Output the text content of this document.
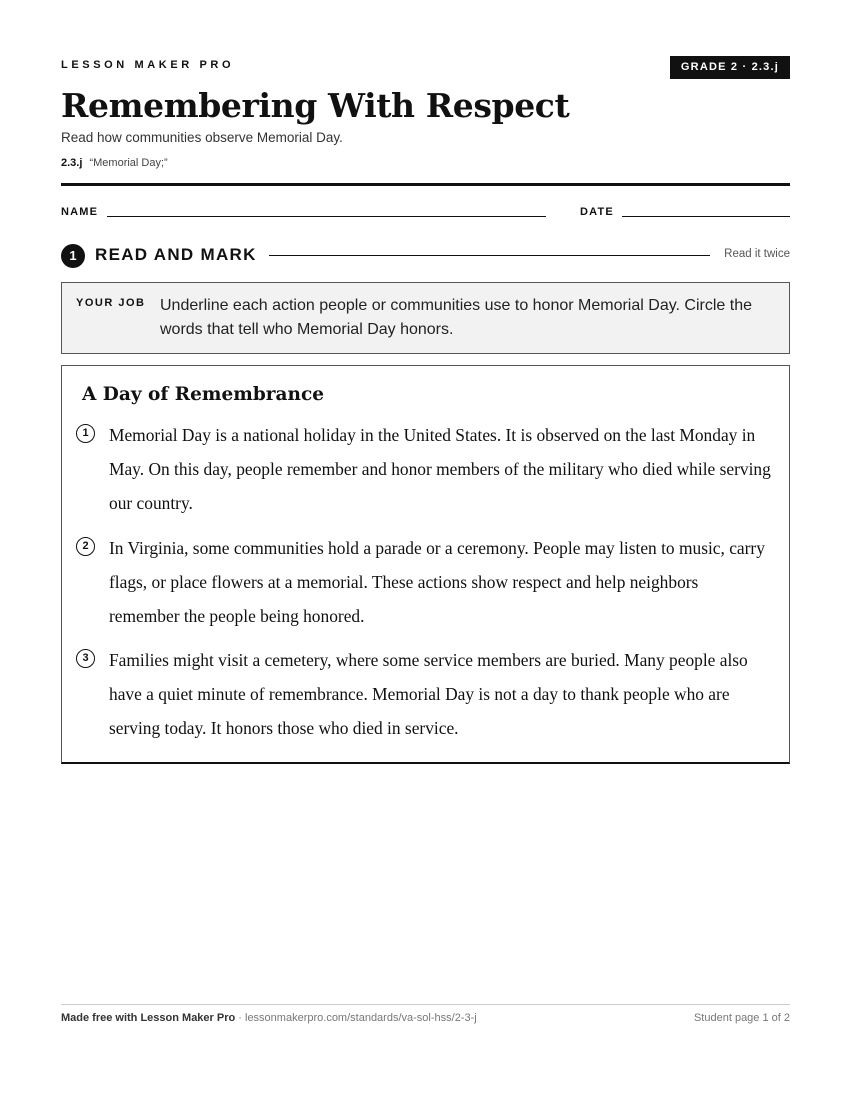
LESSON MAKER PRO	GRADE 2 · 2.3.j
Remembering With Respect
Read how communities observe Memorial Day.
2.3.j “Memorial Day;”
NAME	DATE
1	READ AND MARK	Read it twice
YOUR JOB Underline each action people or communities use to honor Memorial Day. Circle the words that tell who Memorial Day honors.
A Day of Remembrance
1	Memorial Day is a national holiday in the United States. It is observed on the last Monday in May. On this day, people remember and honor members of the military who died while serving our country.

2	In Virginia, some communities hold a parade or a ceremony. People may listen to music, carry flags, or place flowers at a memorial. These actions show respect and help neighbors remember the people being honored.

3	Families might visit a cemetery, where some service members are buried. Many people also have a quiet minute of remembrance. Memorial Day is not a day to thank people who are serving today. It honors those who died in service.

Made free with Lesson Maker Pro · lessonmakerpro.com/standards/va-sol-hss/2-3-j	Student page 1 of 2
